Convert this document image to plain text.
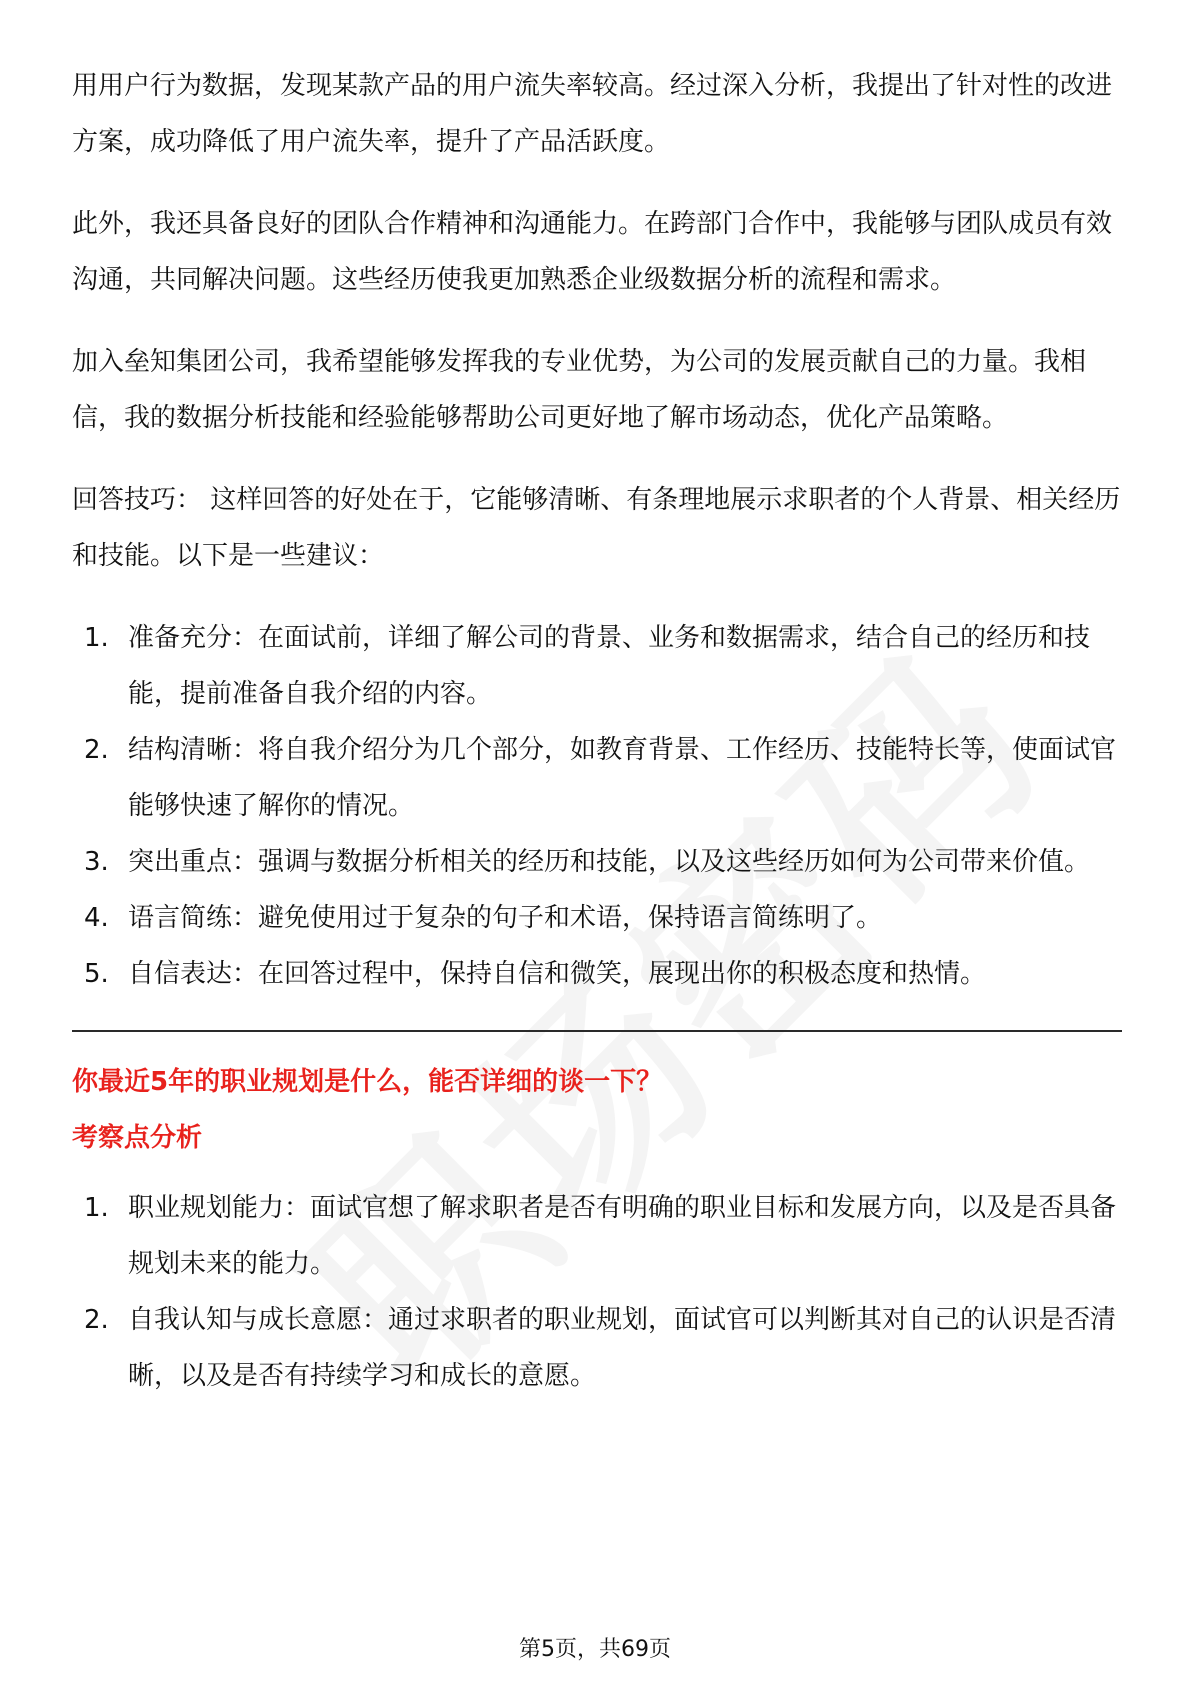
用用户行为数据，发现某款产品的用户流失率较高。经过深入分析，我提出了针对性的改进方案，成功降低了用户流失率，提升了产品活跃度。

此外，我还具备良好的团队合作精神和沟通能力。在跨部门合作中，我能够与团队成员有效沟通，共同解决问题。这些经历使我更加熟悉企业级数据分析的流程和需求。

加入垒知集团公司，我希望能够发挥我的专业优势，为公司的发展贡献自己的力量。我相信，我的数据分析技能和经验能够帮助公司更好地了解市场动态，优化产品策略。

回答技巧： 这样回答的好处在于，它能够清晰、有条理地展示求职者的个人背景、相关经历和技能。以下是一些建议：

1. 准备充分：在面试前，详细了解公司的背景、业务和数据需求，结合自己的经历和技能，提前准备自我介绍的内容。
2. 结构清晰：将自我介绍分为几个部分，如教育背景、工作经历、技能特长等，使面试官能够快速了解你的情况。
3. 突出重点：强调与数据分析相关的经历和技能，以及这些经历如何为公司带来价值。
4. 语言简练：避免使用过于复杂的句子和术语，保持语言简练明了。
5. 自信表达：在回答过程中，保持自信和微笑，展现出你的积极态度和热情。

你最近5年的职业规划是什么，能否详细的谈一下？

考察点分析

1. 职业规划能力：面试官想了解求职者是否有明确的职业目标和发展方向，以及是否具备规划未来的能力。
2. 自我认知与成长意愿：通过求职者的职业规划，面试官可以判断其对自己的认识是否清晰，以及是否有持续学习和成长的意愿。
第5页，共69页
